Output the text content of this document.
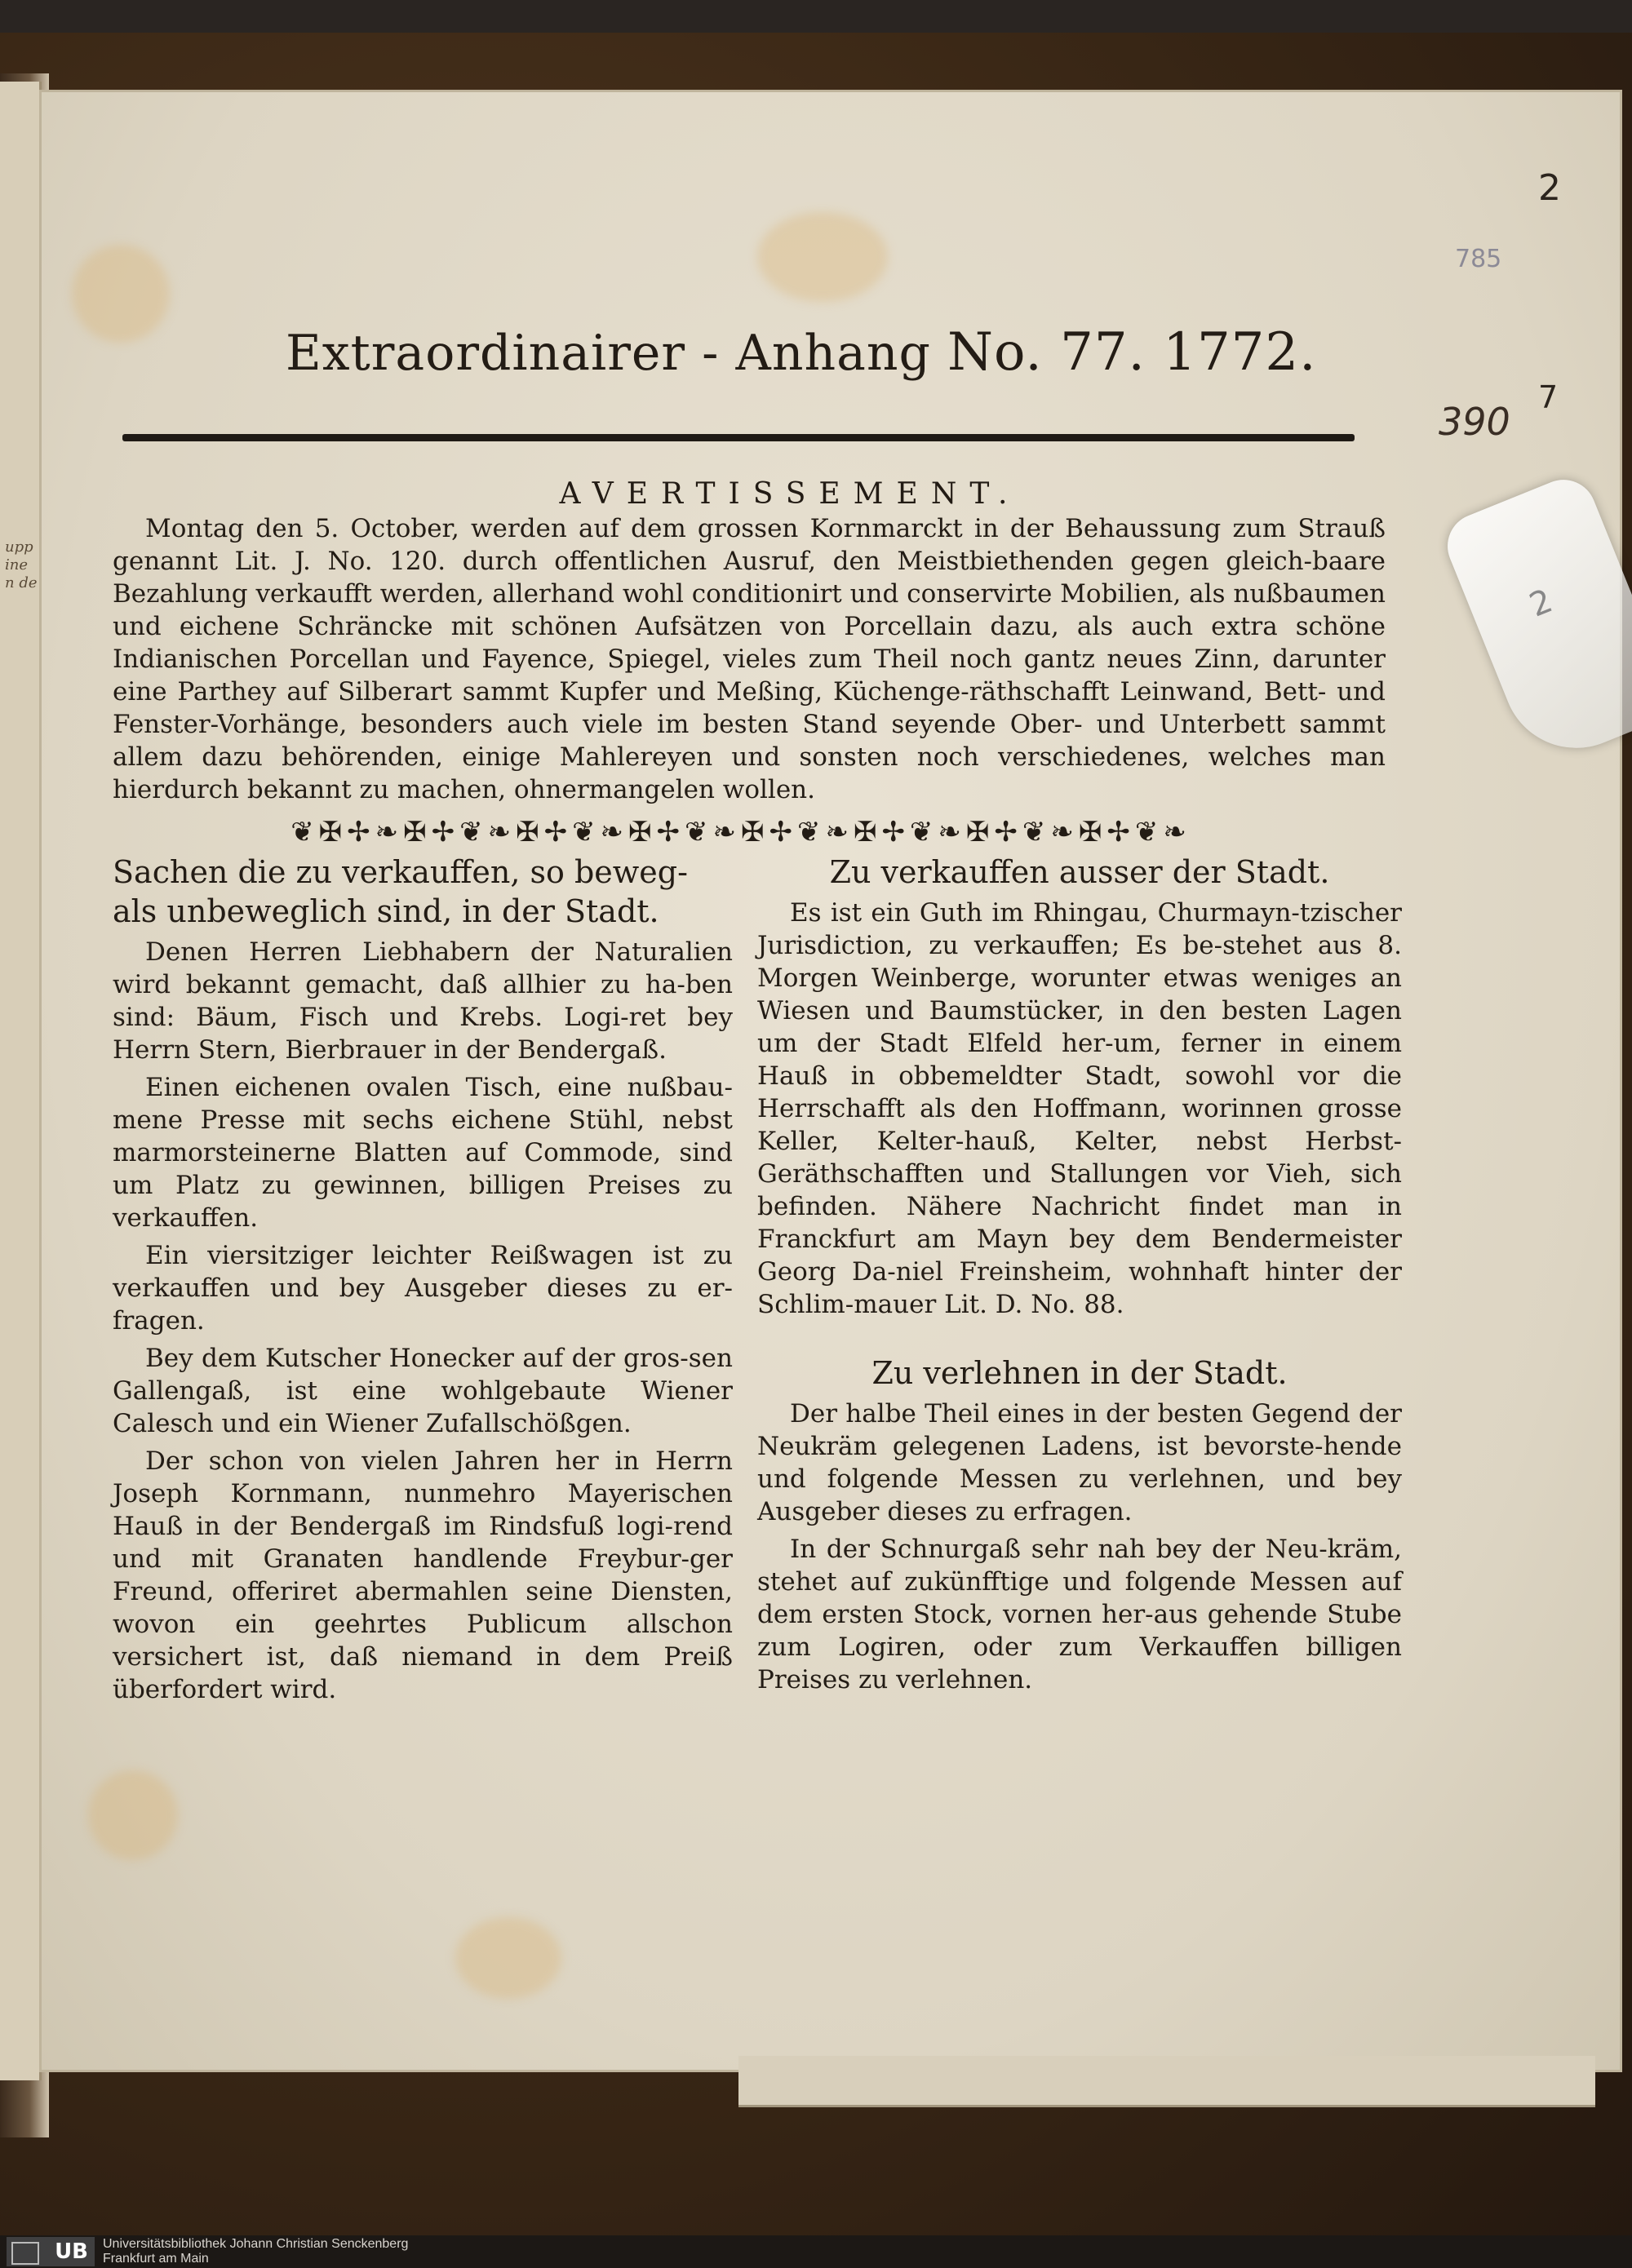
upp
ine
n de
785
390
Extraordinairer - Anhang No. 77. 1772.
AVERTISSEMENT.
Montag den 5. October, werden auf dem grossen Kornmarckt in der Behaussung zum Strauß genannt Lit. J. No. 120. durch offentlichen Ausruf, den Meistbiethenden gegen gleich-baare Bezahlung verkaufft werden, allerhand wohl conditionirt und conservirte Mobilien, als nußbaumen und eichene Schräncke mit schönen Aufsätzen von Porcellain dazu, als auch extra schöne Indianischen Porcellan und Fayence, Spiegel, vieles zum Theil noch gantz neues Zinn, darunter eine Parthey auf Silberart sammt Kupfer und Meßing, Küchenge-räthschafft Leinwand, Bett- und Fenster-Vorhänge, besonders auch viele im besten Stand seyende Ober- und Unterbett sammt allem dazu behörenden, einige Mahlereyen und sonsten noch verschiedenes, welches man hierdurch bekannt zu machen, ohnermangelen wollen.
❦✠✢❧✠✢❦❧✠✢❦❧✠✢❦❧✠✢❦❧✠✢❦❧✠✢❦❧✠✢❦❧

Sachen die zu verkauffen, so beweg- als unbeweglich sind, in der Stadt.

Denen Herren Liebhabern der Naturalien wird bekannt gemacht, daß allhier zu ha-ben sind: Bäum, Fisch und Krebs. Logi-ret bey Herrn Stern, Bierbrauer in der Bendergaß.

Einen eichenen ovalen Tisch, eine nußbau-mene Presse mit sechs eichene Stühl, nebst marmorsteinerne Blatten auf Commode, sind um Platz zu gewinnen, billigen Preises zu verkauffen.

Ein viersitziger leichter Reißwagen ist zu verkauffen und bey Ausgeber dieses zu er-fragen.

Bey dem Kutscher Honecker auf der gros-sen Gallengaß, ist eine wohlgebaute Wiener Calesch und ein Wiener Zufallschößgen.

Der schon von vielen Jahren her in Herrn Joseph Kornmann, nunmehro Mayerischen Hauß in der Bendergaß im Rindsfuß logi-rend und mit Granaten handlende Freybur-ger Freund, offeriret abermahlen seine Diensten, wovon ein geehrtes Publicum allschon versichert ist, daß niemand in dem Preiß überfordert wird.

Zu verkauffen ausser der Stadt.

Es ist ein Guth im Rhingau, Churmayn-tzischer Jurisdiction, zu verkauffen; Es be-stehet aus 8. Morgen Weinberge, worunter etwas weniges an Wiesen und Baumstücker, in den besten Lagen um der Stadt Elfeld her-um, ferner in einem Hauß in obbemeldter Stadt, sowohl vor die Herrschafft als den Hoffmann, worinnen grosse Keller, Kelter-hauß, Kelter, nebst Herbst-Geräthschafften und Stallungen vor Vieh, sich befinden. Nähere Nachricht findet man in Franckfurt am Mayn bey dem Bendermeister Georg Da-niel Freinsheim, wohnhaft hinter der Schlim-mauer Lit. D. No. 88.

Zu verlehnen in der Stadt.

Der halbe Theil eines in der besten Gegend der Neukräm gelegenen Ladens, ist bevorste-hende und folgende Messen zu verlehnen, und bey Ausgeber dieses zu erfragen.

In der Schnurgaß sehr nah bey der Neu-kräm, stehet auf zukünfftige und folgende Messen auf dem ersten Stock, vornen her-aus gehende Stube zum Logiren, oder zum Verkauffen billigen Preises zu verlehnen.

2
7
2
UB	Universitätsbibliothek Johann Christian Senckenberg
Frankfurt am Main
